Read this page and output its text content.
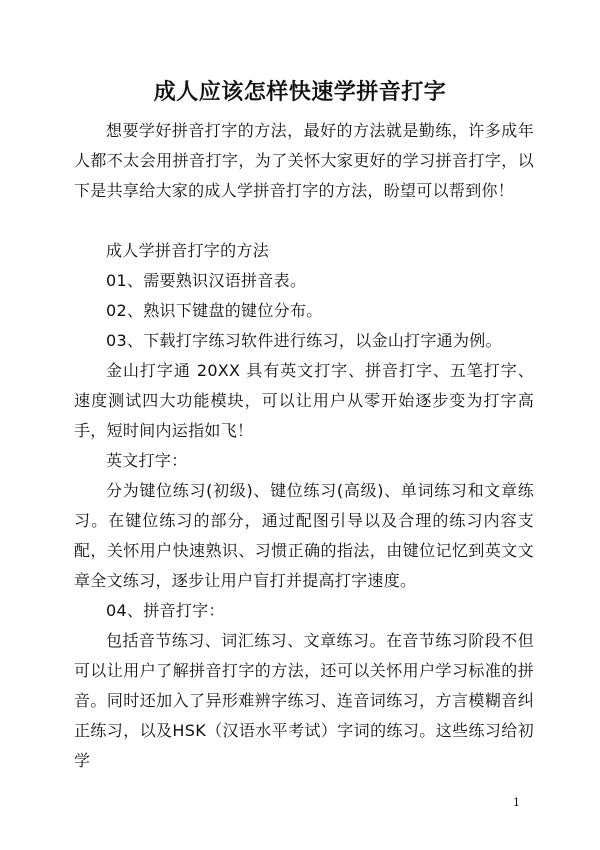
成人应该怎样快速学拼音打字

想要学好拼音打字的方法，最好的方法就是勤练，许多成年人都不太会用拼音打字，为了关怀大家更好的学习拼音打字，以下是共享给大家的成人学拼音打字的方法，盼望可以帮到你！

成人学拼音打字的方法

01、需要熟识汉语拼音表。

02、熟识下键盘的键位分布。

03、下载打字练习软件进行练习，以金山打字通为例。

金山打字通 20XX 具有英文打字、拼音打字、五笔打字、速度测试四大功能模块，可以让用户从零开始逐步变为打字高手，短时间内运指如飞！

英文打字：

分为键位练习(初级)、键位练习(高级)、单词练习和文章练习。在键位练习的部分，通过配图引导以及合理的练习内容支配，关怀用户快速熟识、习惯正确的指法，由键位记忆到英文文章全文练习，逐步让用户盲打并提高打字速度。

04、拼音打字：

包括音节练习、词汇练习、文章练习。在音节练习阶段不但可以让用户了解拼音打字的方法，还可以关怀用户学习标准的拼音。同时还加入了异形难辨字练习、连音词练习，方言模糊音纠正练习，以及HSK（汉语水平考试）字词的练习。这些练习给初学

1
